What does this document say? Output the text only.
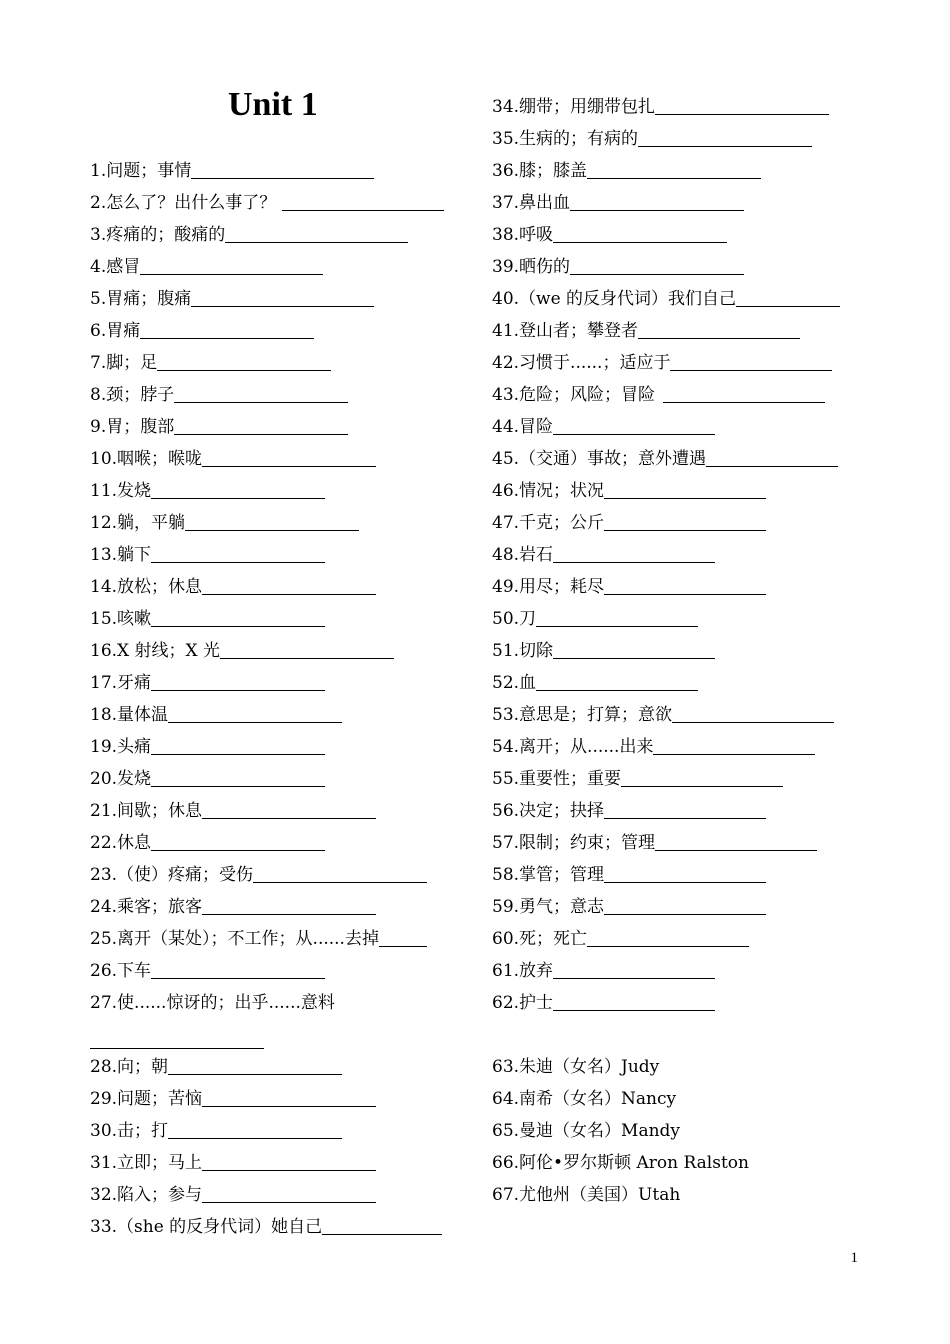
Unit 1
1.问题；事情
2.怎么了？出什么事了？
3.疼痛的；酸痛的
4.感冒
5.胃痛；腹痛
6.胃痛
7.脚；足
8.颈；脖子
9.胃；腹部
10.咽喉；喉咙
11.发烧
12.躺，平躺
13.躺下
14.放松；休息
15.咳嗽
16.X 射线；X 光
17.牙痛
18.量体温
19.头痛
20.发烧
21.间歇；休息
22.休息
23.（使）疼痛；受伤
24.乘客；旅客
25.离开（某处）；不工作；从......去掉
26.下车
27.使......惊讶的；出乎......意料
28.向；朝
29.问题；苦恼
30.击；打
31.立即；马上
32.陷入；参与
33.（she 的反身代词）她自己
34.绷带；用绷带包扎
35.生病的；有病的
36.膝；膝盖
37.鼻出血
38.呼吸
39.晒伤的
40.（we 的反身代词）我们自己
41.登山者；攀登者
42.习惯于......；适应于
43.危险；风险；冒险
44.冒险
45.（交通）事故；意外遭遇
46.情况；状况
47.千克；公斤
48.岩石
49.用尽；耗尽
50.刀
51.切除
52.血
53.意思是；打算；意欲
54.离开；从......出来
55.重要性；重要
56.决定；抉择
57.限制；约束；管理
58.掌管；管理
59.勇气；意志
60.死；死亡
61.放弃
62.护士
63.朱迪（女名）Judy
64.南希（女名）Nancy
65.曼迪（女名）Mandy
66.阿伦•罗尔斯顿 Aron Ralston
67.尤他州（美国）Utah
1
